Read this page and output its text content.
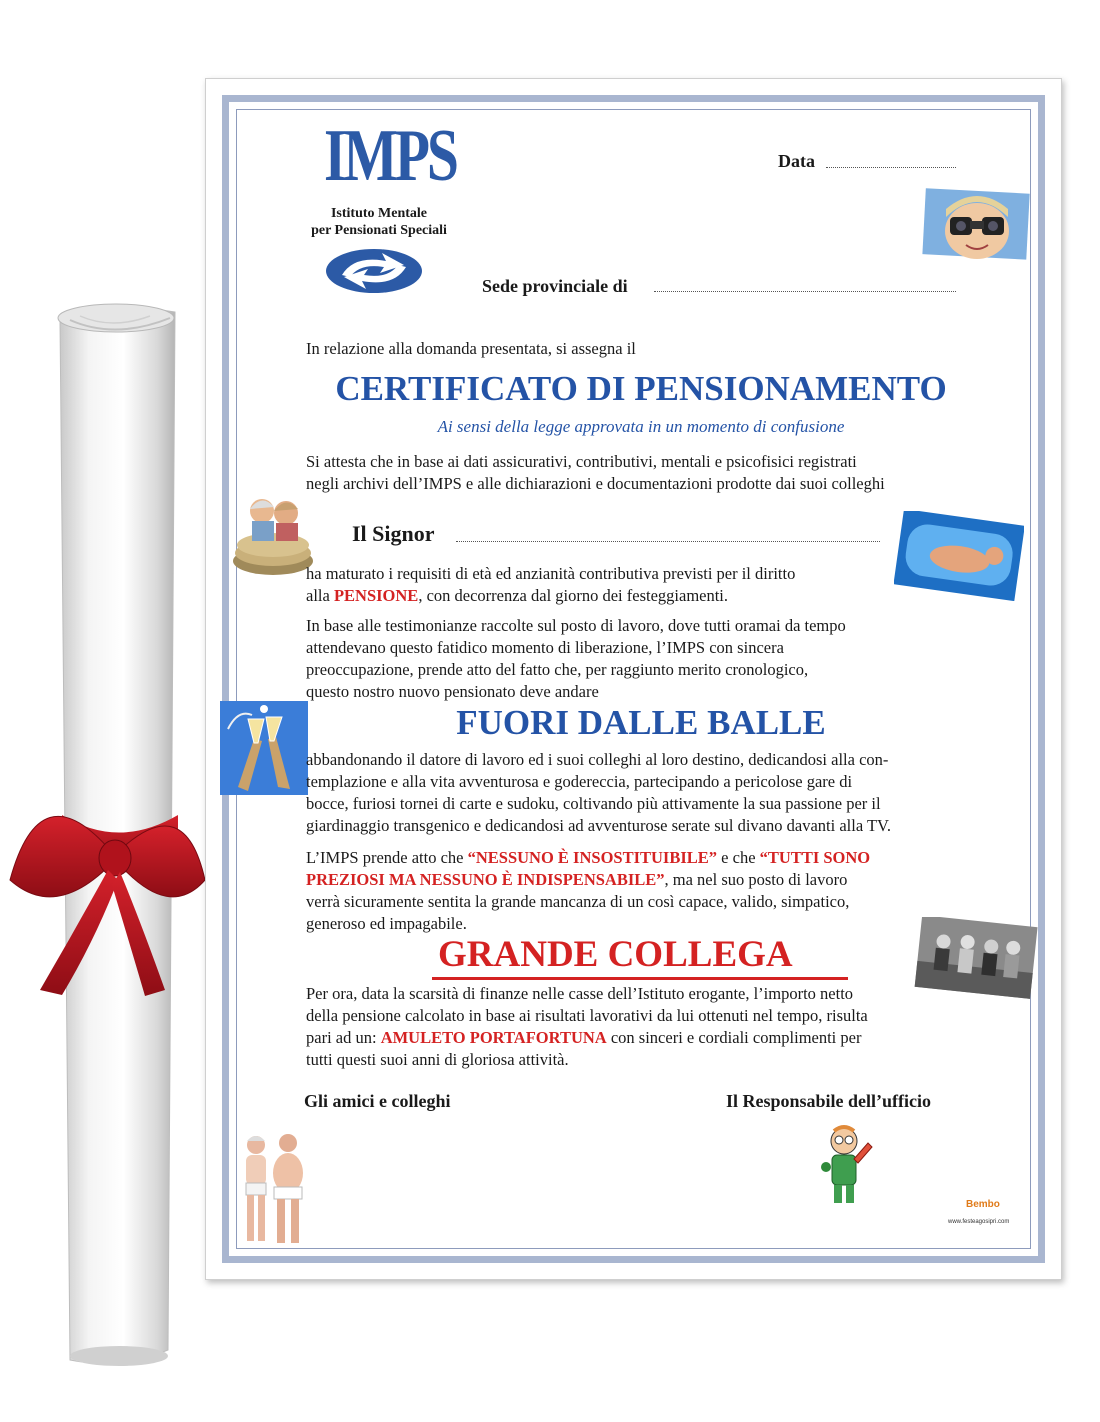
IMPS
Istituto Mentale
per Pensionati Speciali
Data
Sede provinciale di
In relazione alla domanda presentata, si assegna il
CERTIFICATO DI PENSIONAMENTO
Ai sensi della legge approvata in un momento di confusione
Si attesta che in base ai dati assicurativi, contributivi, mentali e psicofisici registrati
negli archivi dell’IMPS e alle dichiarazioni e documentazioni prodotte dai suoi colleghi
Il Signor
ha maturato i requisiti di età ed anzianità contributiva previsti per il diritto
alla PENSIONE, con decorrenza dal giorno dei festeggiamenti.
In base alle testimonianze raccolte sul posto di lavoro, dove tutti oramai da tempo
attendevano questo fatidico momento di liberazione, l’IMPS con sincera
preoccupazione, prende atto del fatto che, per raggiunto merito cronologico,
questo nostro nuovo pensionato deve andare
FUORI DALLE BALLE
abbandonando il datore di lavoro ed i suoi colleghi al loro destino, dedicandosi alla con-
templazione e alla vita avventurosa e godereccia, partecipando a pericolose gare di
bocce, furiosi tornei di carte e sudoku, coltivando più attivamente la sua passione per il
giardinaggio transgenico e dedicandosi ad avventurose serate sul divano davanti alla TV.
L’IMPS prende atto che “NESSUNO È INSOSTITUIBILE” e che “TUTTI SONO
PREZIOSI MA NESSUNO È INDISPENSABILE”, ma nel suo posto di lavoro
verrà sicuramente sentita la grande mancanza di un così capace, valido, simpatico,
generoso ed impagabile.
GRANDE COLLEGA
Per ora, data la scarsità di finanze nelle casse dell’Istituto erogante, l’importo netto
della pensione calcolato in base ai risultati lavorativi da lui ottenuti nel tempo, risulta
pari ad un: AMULETO PORTAFORTUNA con sinceri e cordiali complimenti per
tutti questi suoi anni di gloriosa attività.
Gli amici e colleghi	Il Responsabile dell’ufficio
Bembo
www.festeagosipri.com
